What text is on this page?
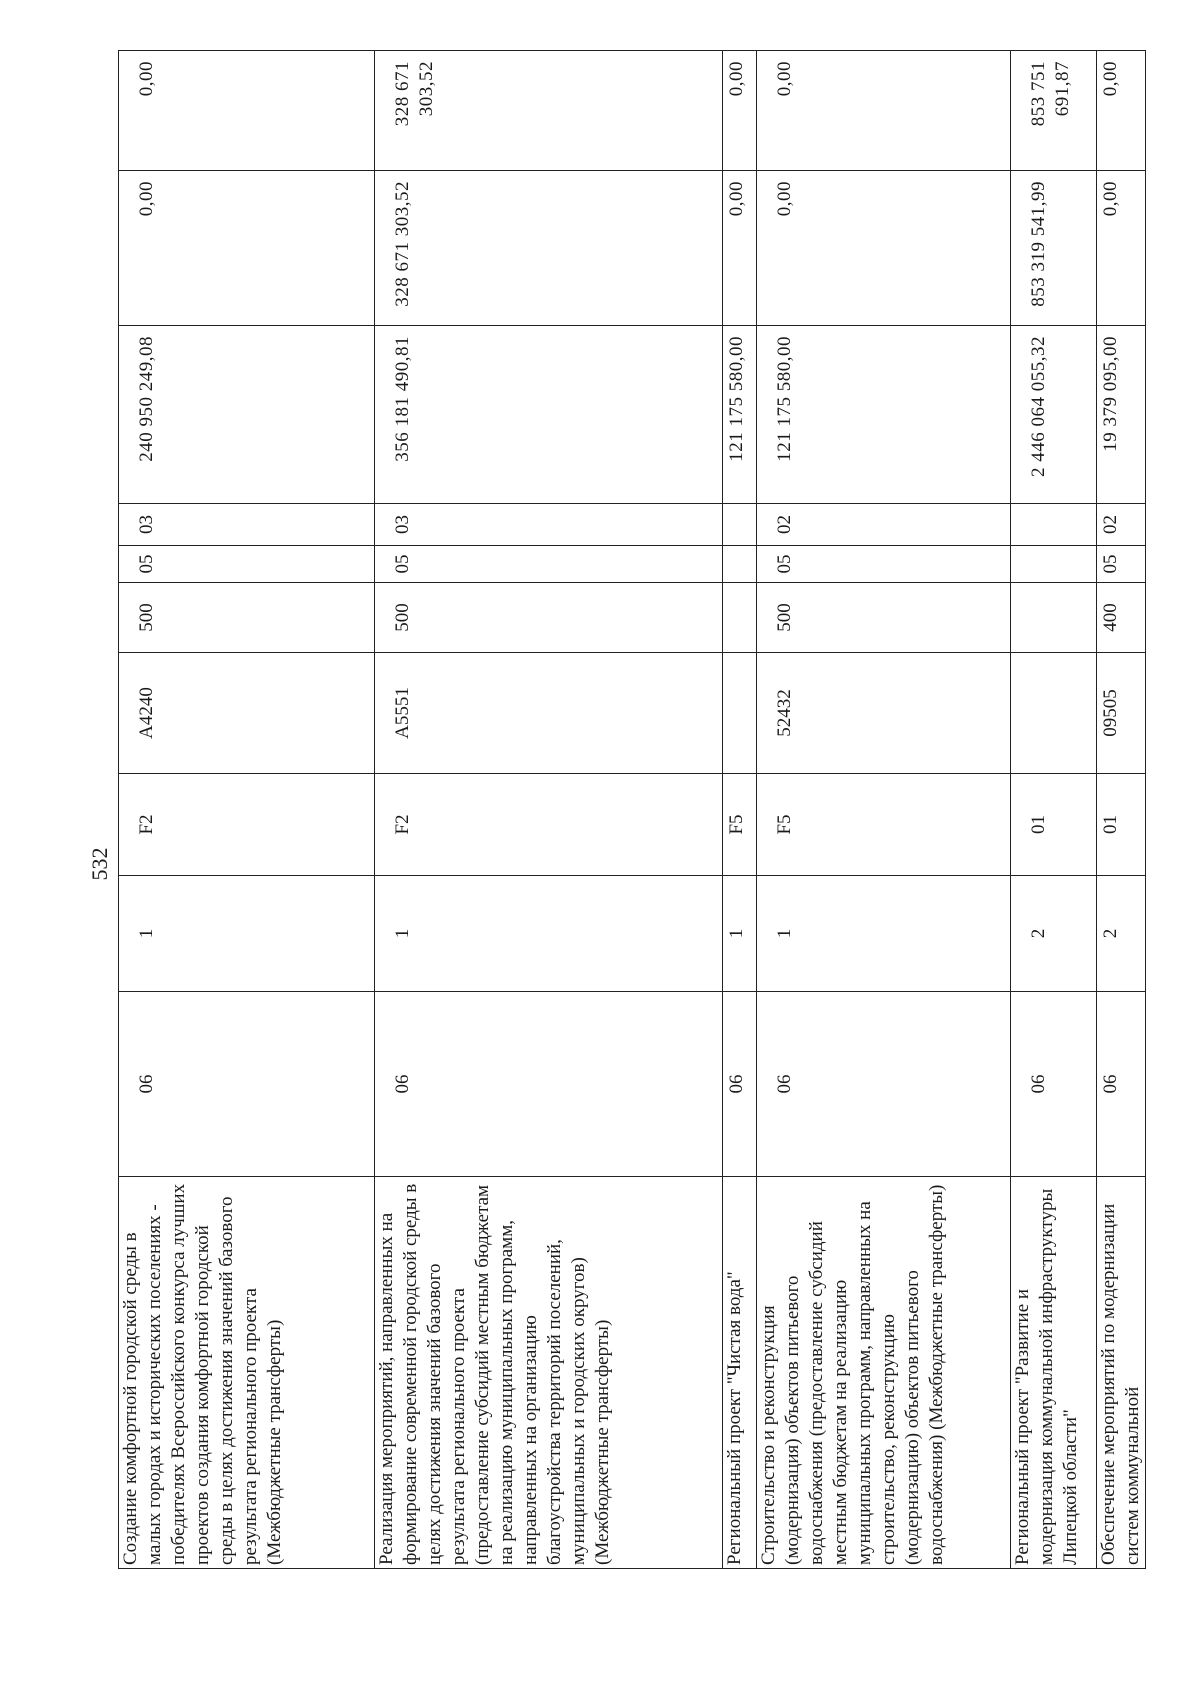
532
Создание комфортной городской среды в малых городах и исторических поселениях - победителях Всероссийского конкурса лучших проектов создания комфортной городской среды в целях достижения значений базового результата регионального проекта (Межбюджетные трансферты)	06	1	F2	A4240	500	05	03	240 950 249,08	0,00	0,00
Реализация мероприятий, направленных на формирование современной городской среды в целях достижения значений базового результата регионального проекта (предоставление субсидий местным бюджетам на реализацию муниципальных программ, направленных на организацию благоустройства территорий поселений, муниципальных и городских округов) (Межбюджетные трансферты)	06	1	F2	A5551	500	05	03	356 181 490,81	328 671 303,52	328 671 303,52
Региональный проект "Чистая вода"	06	1	F5					121 175 580,00	0,00	0,00
Строительство и реконструкция (модернизация) объектов питьевого водоснабжения (предоставление субсидий местным бюджетам на реализацию муниципальных программ, направленных на строительство, реконструкцию (модернизацию) объектов питьевого водоснабжения) (Межбюджетные трансферты)	06	1	F5	52432	500	05	02	121 175 580,00	0,00	0,00
Региональный проект "Развитие и модернизация коммунальной инфраструктуры Липецкой области"	06	2	01					2 446 064 055,32	853 319 541,99	853 751 691,87
Обеспечение мероприятий по модернизации систем коммунальной	06	2	01	09505	400	05	02	19 379 095,00	0,00	0,00
